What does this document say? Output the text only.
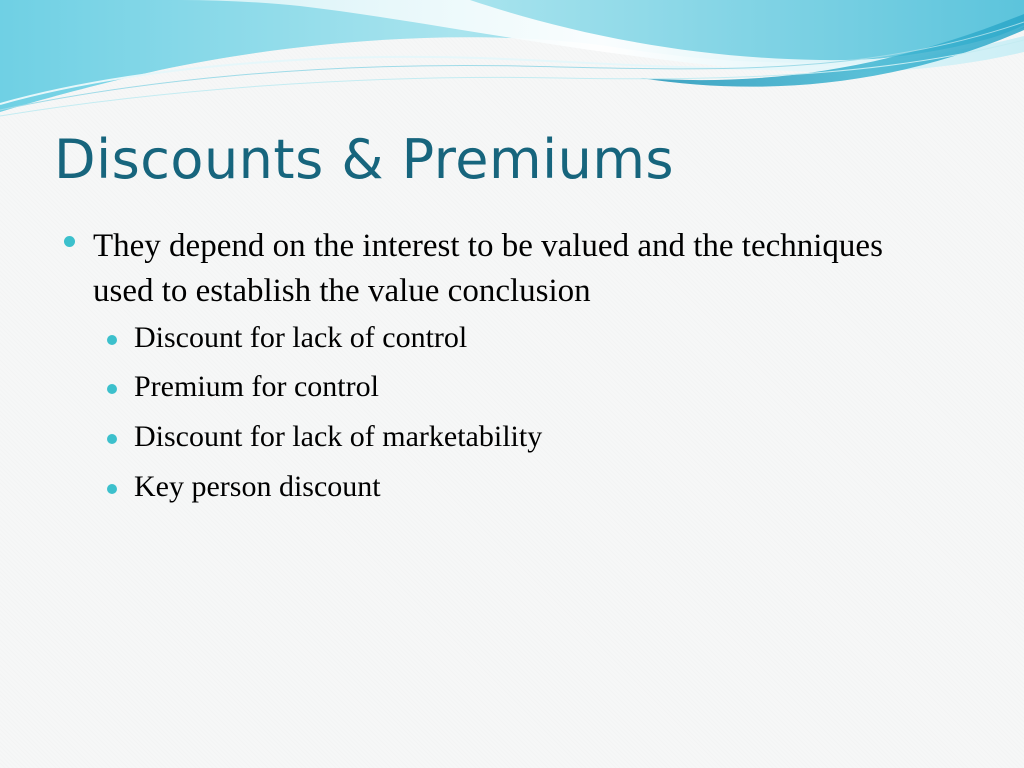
Discounts & Premiums
They depend on the interest to be valued and the techniques used to establish the value conclusion
Discount for lack of control
Premium for control
Discount for lack of marketability
Key person discount
